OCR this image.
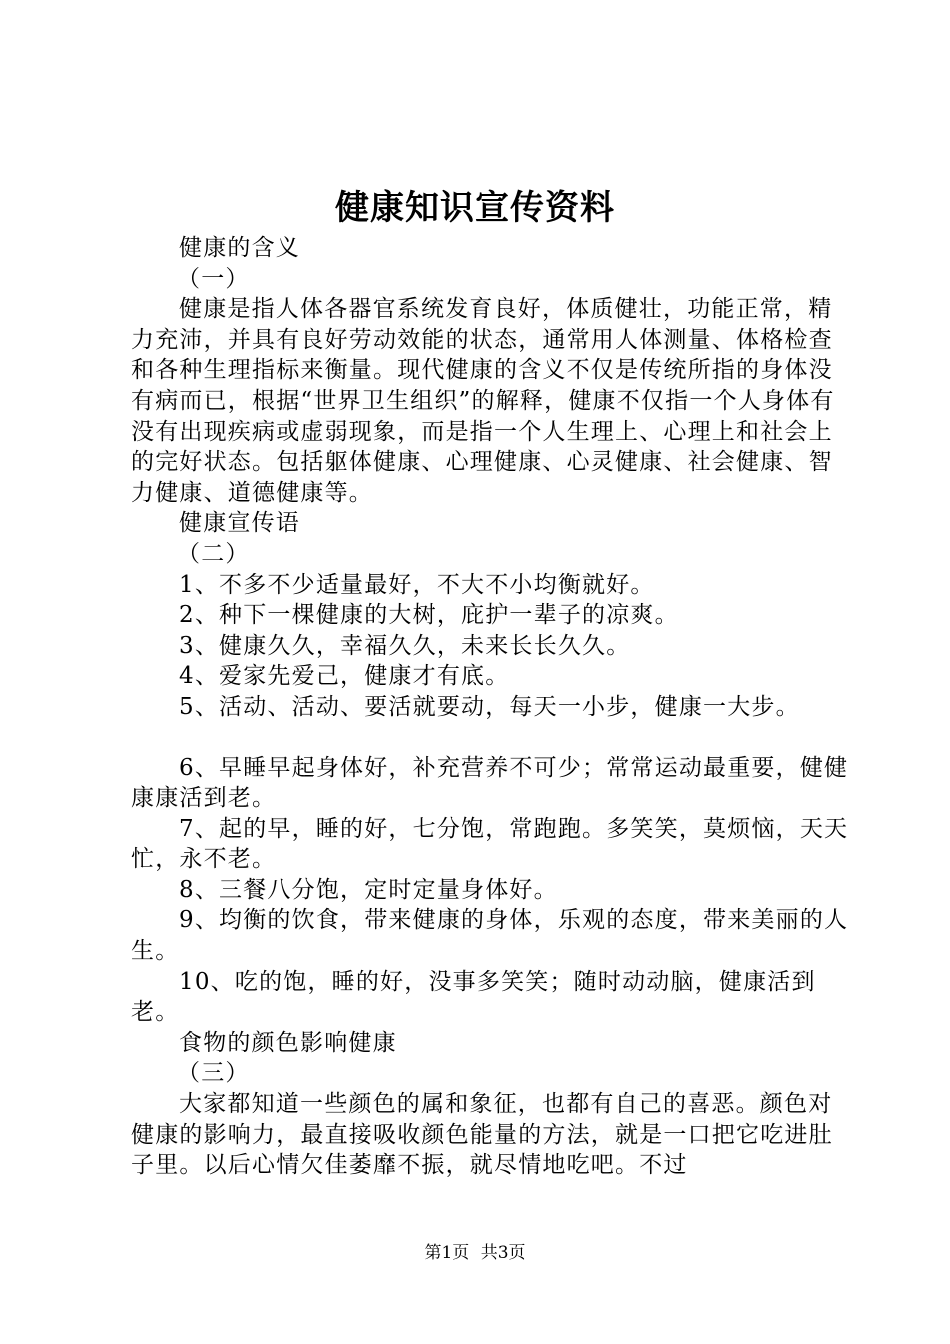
健康知识宣传资料

健康的含义

（一）

健康是指人体各器官系统发育良好，体质健壮，功能正常，精力充沛，并具有良好劳动效能的状态，通常用人体测量、体格检查和各种生理指标来衡量。现代健康的含义不仅是传统所指的身体没有病而已，根据“世界卫生组织”的解释，健康不仅指一个人身体有没有出现疾病或虚弱现象，而是指一个人生理上、心理上和社会上的完好状态。包括躯体健康、心理健康、心灵健康、社会健康、智力健康、道德健康等。

健康宣传语

（二）

1、不多不少适量最好，不大不小均衡就好。

2、种下一棵健康的大树，庇护一辈子的凉爽。

3、健康久久，幸福久久，未来长长久久。

4、爱家先爱己，健康才有底。

5、活动、活动、要活就要动，每天一小步，健康一大步。

6、早睡早起身体好，补充营养不可少；常常运动最重要，健健康康活到老。

7、起的早，睡的好，七分饱，常跑跑。多笑笑，莫烦恼，天天忙，永不老。

8、三餐八分饱，定时定量身体好。

9、均衡的饮食，带来健康的身体，乐观的态度，带来美丽的人生。

10、吃的饱，睡的好，没事多笑笑；随时动动脑，健康活到老。

食物的颜色影响健康

（三）

大家都知道一些颜色的属和象征，也都有自己的喜恶。颜色对健康的影响力，最直接吸收颜色能量的方法，就是一口把它吃进肚子里。以后心情欠佳萎靡不振，就尽情地吃吧。不过

第1页 共3页
